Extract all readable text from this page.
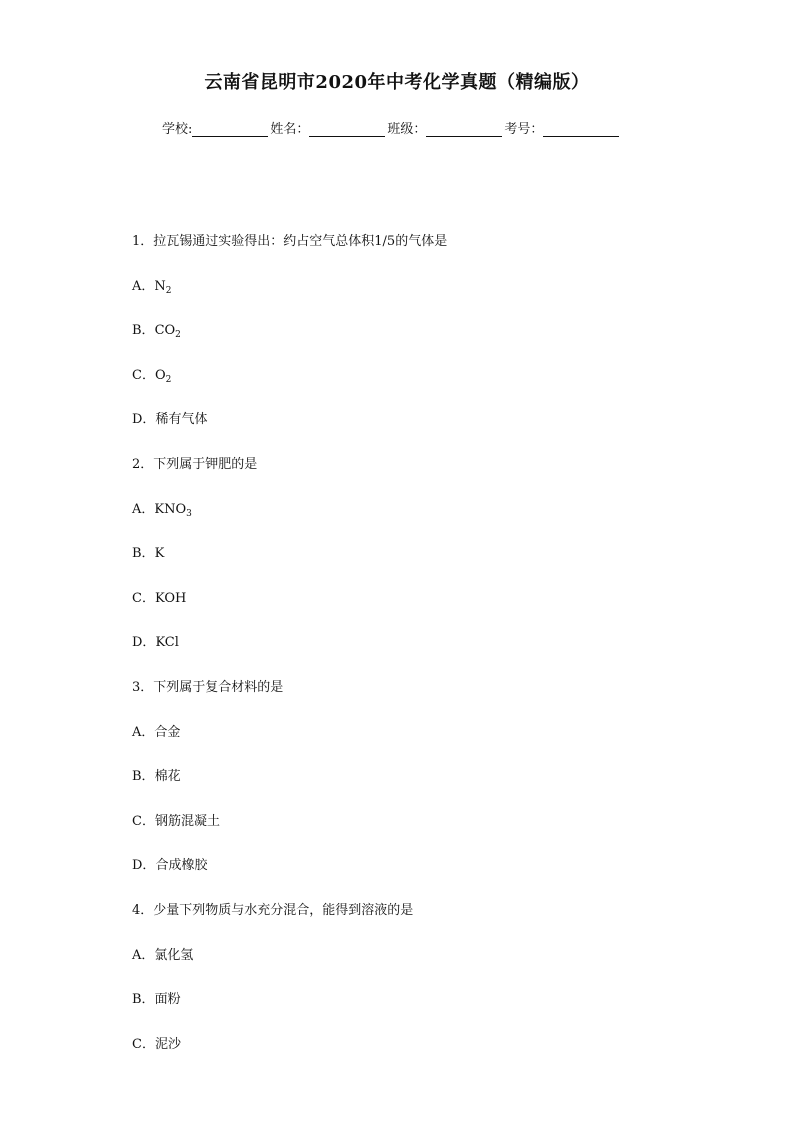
云南省昆明市2020年中考化学真题（精编版）
学校:	姓名：	班级：	考号：
1．拉瓦锡通过实验得出：约占空气总体积1/5的气体是
A．$N_2$
B．$CO_2$
C．$O_2$
D．稀有气体
2．下列属于钾肥的是
A．$KNO_3$
B．K
C．KOH
D．KCl
3．下列属于复合材料的是
A．合金
B．棉花
C．钢筋混凝土
D．合成橡胶
4．少量下列物质与水充分混合，能得到溶液的是
A．氯化氢
B．面粉
C．泥沙
